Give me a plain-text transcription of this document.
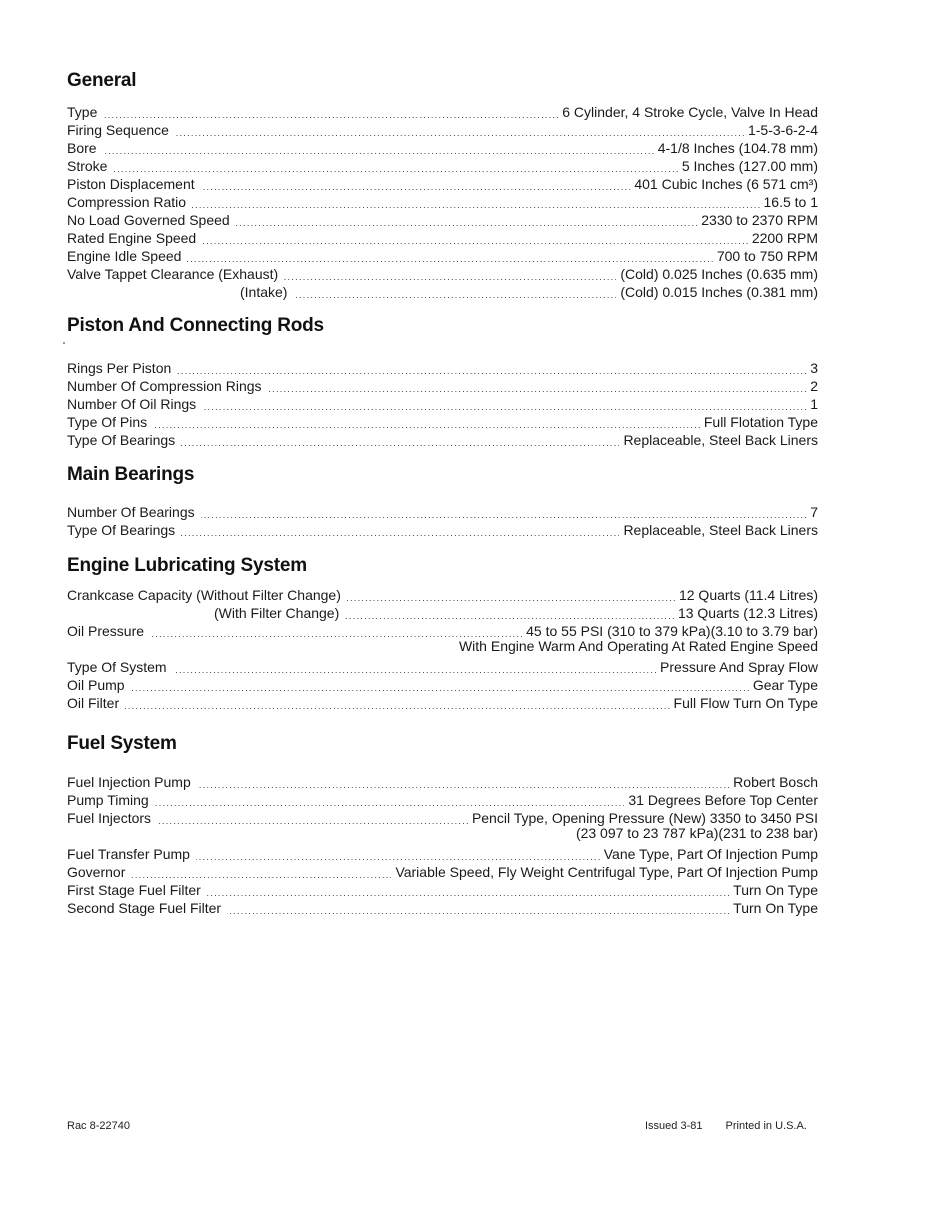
General
Type . . .	6 Cylinder, 4 Stroke Cycle, Valve In Head
Firing Sequence . . .	1-5-3-6-2-4
Bore . . .	4-1/8 Inches (104.78 mm)
Stroke . . .	5 Inches (127.00 mm)
Piston Displacement . . .	401 Cubic Inches (6 571 cm³)
Compression Ratio . . .	16.5 to 1
No Load Governed Speed . . .	2330 to 2370 RPM
Rated Engine Speed . . .	2200 RPM
Engine Idle Speed . . .	700 to 750 RPM
Valve Tappet Clearance (Exhaust) . . .	(Cold) 0.025 Inches (0.635 mm)
(Intake) . . .	(Cold) 0.015 Inches (0.381 mm)
Piston And Connecting Rods
Rings Per Piston . . .	3
Number Of Compression Rings . . .	2
Number Of Oil Rings . . .	1
Type Of Pins . . .	Full Flotation Type
Type Of Bearings . . .	Replaceable, Steel Back Liners
Main Bearings
Number Of Bearings . . .	7
Type Of Bearings . . .	Replaceable, Steel Back Liners
Engine Lubricating System
Crankcase Capacity (Without Filter Change) . . .	12 Quarts (11.4 Litres)
(With Filter Change) . . .	13 Quarts (12.3 Litres)
Oil Pressure . . .	45 to 55 PSI (310 to 379 kPa)(3.10 to 3.79 bar)
With Engine Warm And Operating At Rated Engine Speed
Type Of System . . .	Pressure And Spray Flow
Oil Pump . . .	Gear Type
Oil Filter . . .	Full Flow Turn On Type
Fuel System
Fuel Injection Pump . . .	Robert Bosch
Pump Timing . . .	31 Degrees Before Top Center
Fuel Injectors . . .	Pencil Type, Opening Pressure (New) 3350 to 3450 PSI
(23 097 to 23 787 kPa)(231 to 238 bar)
Fuel Transfer Pump . . .	Vane Type, Part Of Injection Pump
Governor . . .	Variable Speed, Fly Weight Centrifugal Type, Part Of Injection Pump
First Stage Fuel Filter . . .	Turn On Type
Second Stage Fuel Filter . . .	Turn On Type
Rac 8-22740	Issued 3-81 Printed in U.S.A.
